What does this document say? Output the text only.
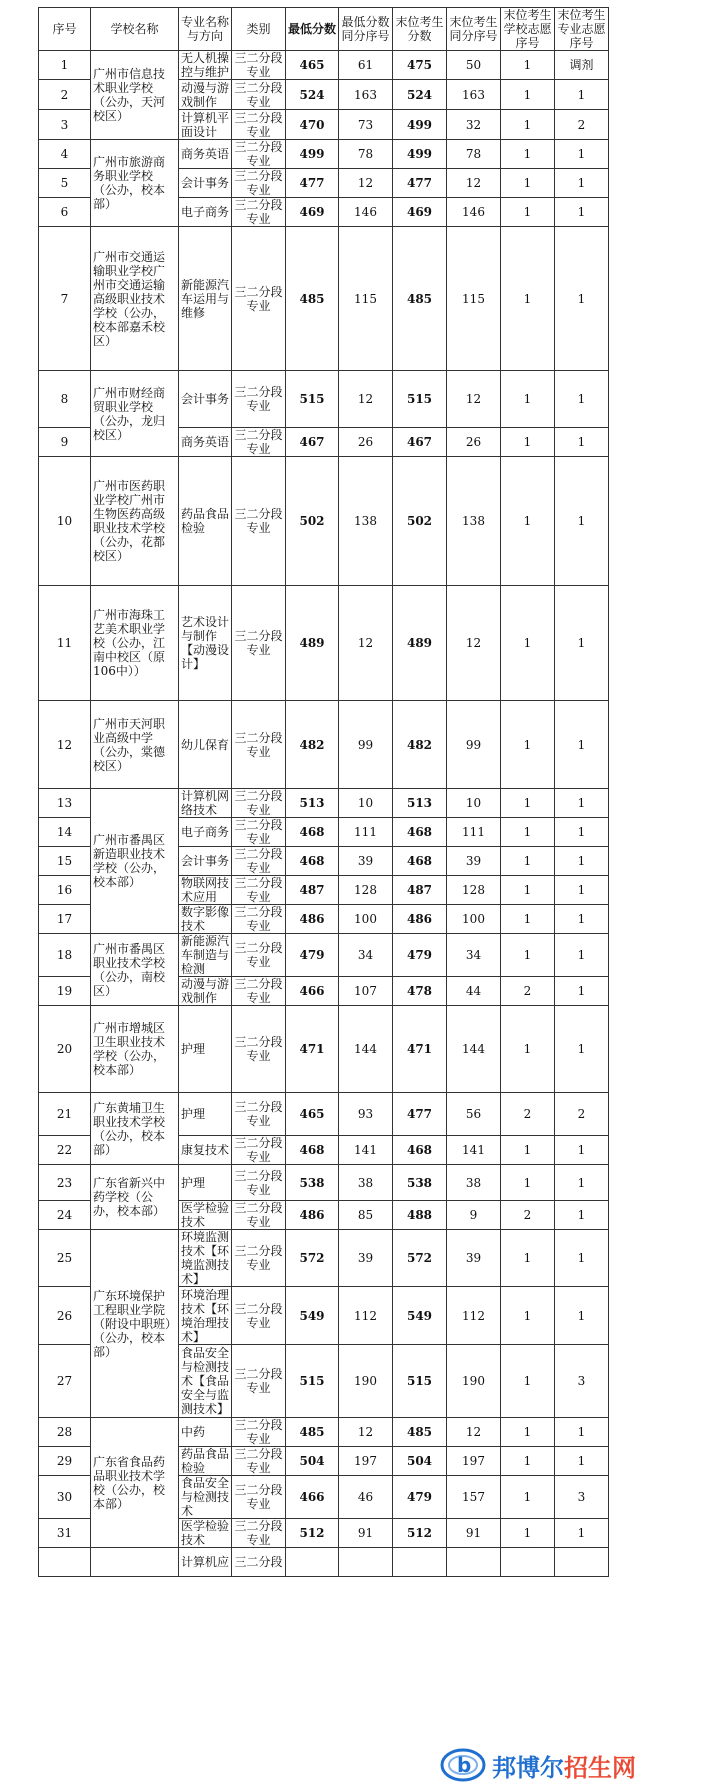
序号	学校名称	专业名称与方向	类别	最低分数	最低分数同分序号	末位考生分数	末位考生同分序号	末位考生学校志愿序号	末位考生专业志愿序号
1	广州市信息技术职业学校（公办，天河校区）	无人机操控与维护	三二分段专业	465	61	475	50	1	调剂
2		动漫与游戏制作	三二分段专业	524	163	524	163	1	1
3		计算机平面设计	三二分段专业	470	73	499	32	1	2
4	广州市旅游商务职业学校（公办，校本部）	商务英语	三二分段专业	499	78	499	78	1	1
5		会计事务	三二分段专业	477	12	477	12	1	1
6		电子商务	三二分段专业	469	146	469	146	1	1
7	广州市交通运输职业学校广州市交通运输高级职业技术学校（公办，校本部嘉禾校区）	新能源汽车运用与维修	三二分段专业	485	115	485	115	1	1
8	广州市财经商贸职业学校（公办，龙归校区）	会计事务	三二分段专业	515	12	515	12	1	1
9		商务英语	三二分段专业	467	26	467	26	1	1
10	广州市医药职业学校广州市生物医药高级职业技术学校（公办，花都校区）	药品食品检验	三二分段专业	502	138	502	138	1	1
11	广州市海珠工艺美术职业学校（公办，江南中校区（原106中））	艺术设计与制作【动漫设计】	三二分段专业	489	12	489	12	1	1
12	广州市天河职业高级中学（公办，棠德校区）	幼儿保育	三二分段专业	482	99	482	99	1	1
13	广州市番禺区新造职业技术学校（公办，校本部）	计算机网络技术	三二分段专业	513	10	513	10	1	1
14		电子商务	三二分段专业	468	111	468	111	1	1
15		会计事务	三二分段专业	468	39	468	39	1	1
16		物联网技术应用	三二分段专业	487	128	487	128	1	1
17		数字影像技术	三二分段专业	486	100	486	100	1	1
18	广州市番禺区职业技术学校（公办，南校区）	新能源汽车制造与检测	三二分段专业	479	34	479	34	1	1
19		动漫与游戏制作	三二分段专业	466	107	478	44	2	1
20	广州市增城区卫生职业技术学校（公办，校本部）	护理	三二分段专业	471	144	471	144	1	1
21	广东黄埔卫生职业技术学校（公办，校本部）	护理	三二分段专业	465	93	477	56	2	2
22		康复技术	三二分段专业	468	141	468	141	1	1
23	广东省新兴中药学校（公办，校本部）	护理	三二分段专业	538	38	538	38	1	1
24		医学检验技术	三二分段专业	486	85	488	9	2	1
25	广东环境保护工程职业学院（附设中职班）（公办，校本部）	环境监测技术【环境监测技术】	三二分段专业	572	39	572	39	1	1
26		环境治理技术【环境治理技术】	三二分段专业	549	112	549	112	1	1
27		食品安全与检测技术【食品安全与监测技术】	三二分段专业	515	190	515	190	1	3
28	广东省食品药品职业技术学校（公办，校本部）	中药	三二分段专业	485	12	485	12	1	1
29		药品食品检验	三二分段专业	504	197	504	197	1	1
30		食品安全与检测技术	三二分段专业	466	46	479	157	1	3
31		医学检验技术	三二分段专业	512	91	512	91	1	1
		计算机应	三二分段						
b 邦博尔招生网
